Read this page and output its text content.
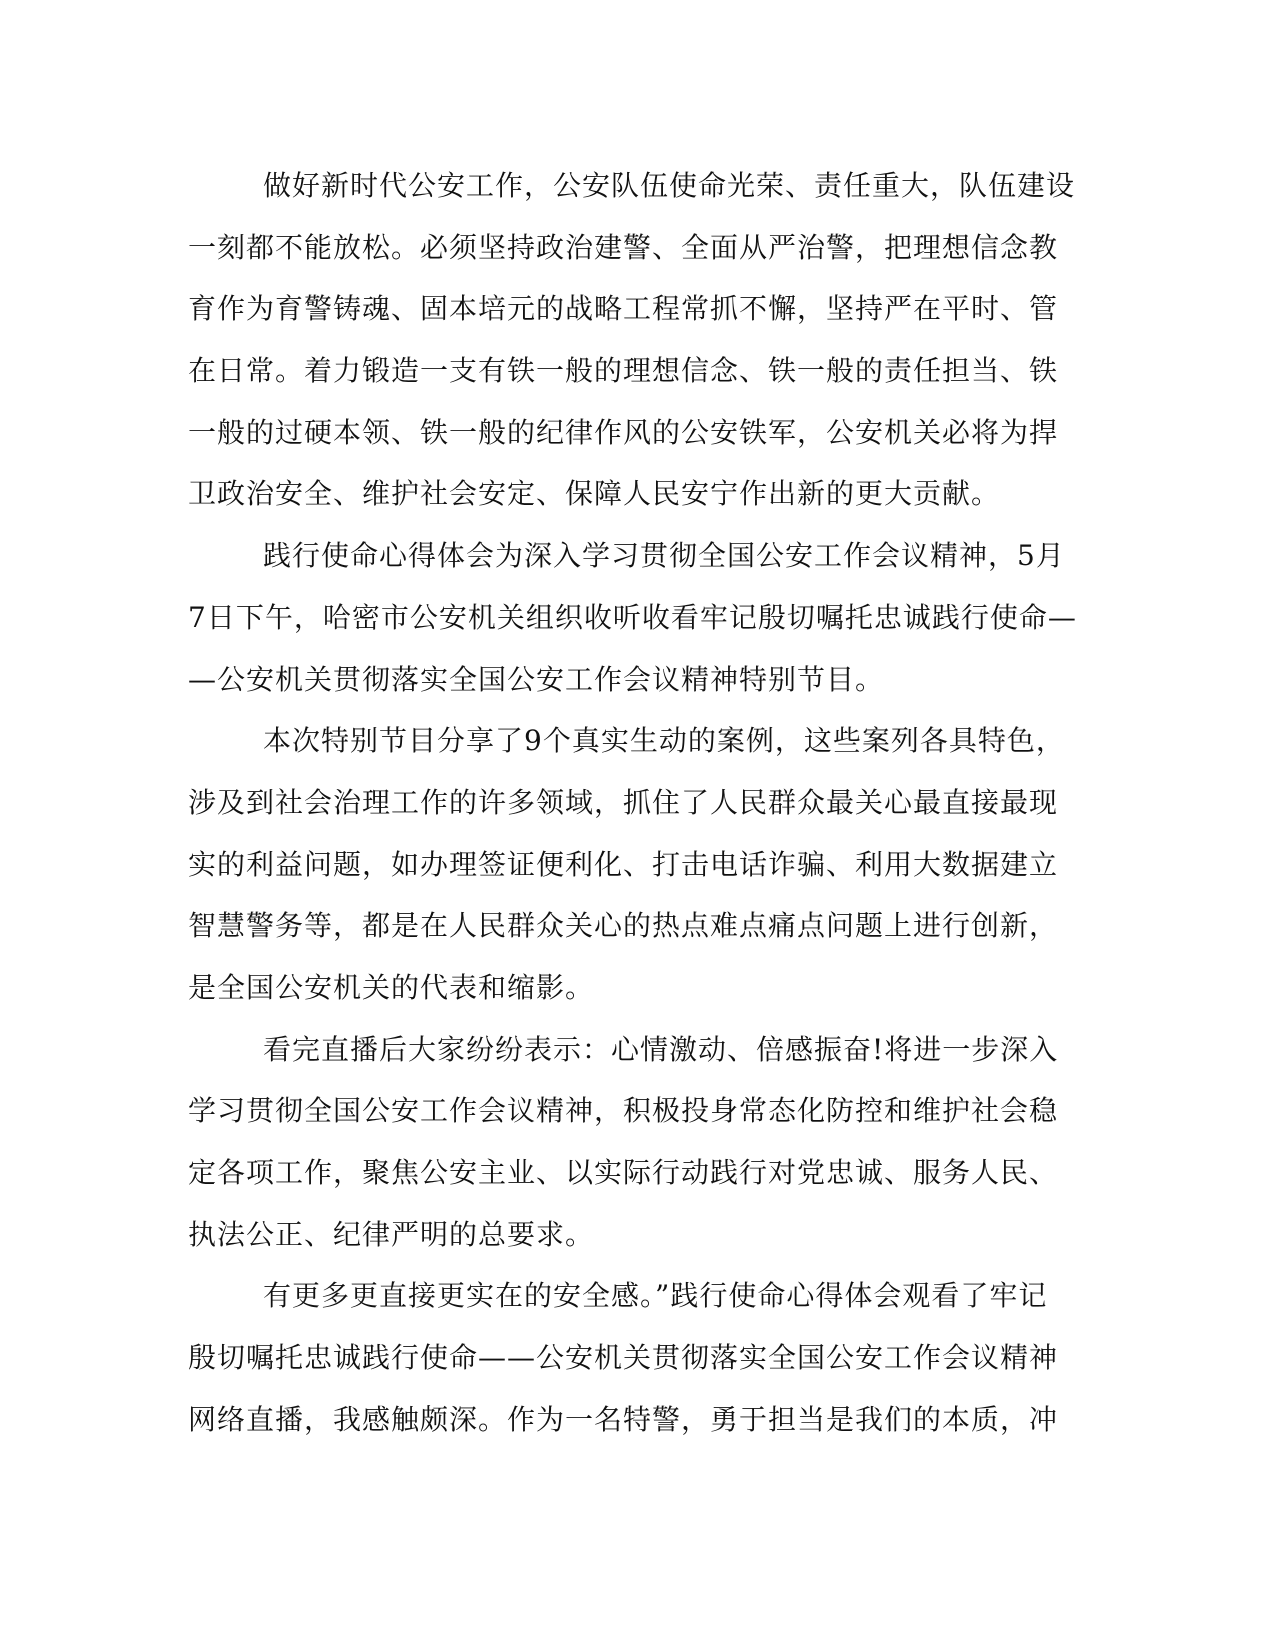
做好新时代公安工作，公安队伍使命光荣、责任重大，队伍建设
一刻都不能放松。必须坚持政治建警、全面从严治警，把理想信念教
育作为育警铸魂、固本培元的战略工程常抓不懈，坚持严在平时、管
在日常。着力锻造一支有铁一般的理想信念、铁一般的责任担当、铁
一般的过硬本领、铁一般的纪律作风的公安铁军，公安机关必将为捍
卫政治安全、维护社会安定、保障人民安宁作出新的更大贡献。
践行使命心得体会为深入学习贯彻全国公安工作会议精神，5月
7日下午，哈密市公安机关组织收听收看牢记殷切嘱托忠诚践行使命—
—公安机关贯彻落实全国公安工作会议精神特别节目。
本次特别节目分享了9个真实生动的案例，这些案列各具特色，
涉及到社会治理工作的许多领域，抓住了人民群众最关心最直接最现
实的利益问题，如办理签证便利化、打击电话诈骗、利用大数据建立
智慧警务等，都是在人民群众关心的热点难点痛点问题上进行创新，
是全国公安机关的代表和缩影。
看完直播后大家纷纷表示：心情激动、倍感振奋!将进一步深入
学习贯彻全国公安工作会议精神，积极投身常态化防控和维护社会稳
定各项工作，聚焦公安主业、以实际行动践行对党忠诚、服务人民、
执法公正、纪律严明的总要求。
有更多更直接更实在的安全感。”践行使命心得体会观看了牢记
殷切嘱托忠诚践行使命——公安机关贯彻落实全国公安工作会议精神
网络直播，我感触颇深。作为一名特警，勇于担当是我们的本质，冲
